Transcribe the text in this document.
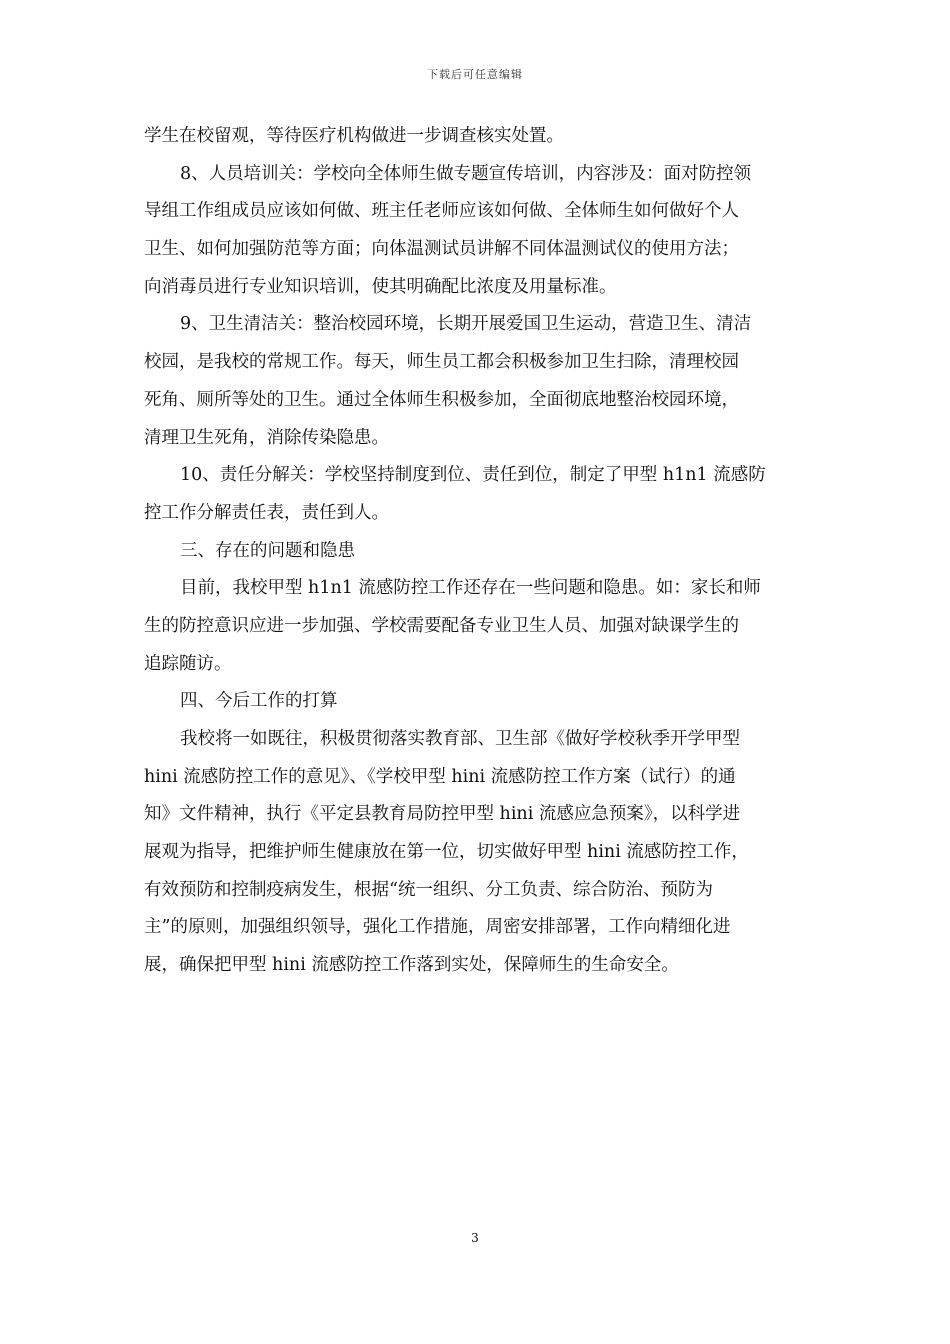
下载后可任意编辑
学生在校留观，等待医疗机构做进一步调查核实处置。
8、人员培训关：学校向全体师生做专题宣传培训，内容涉及：面对防控领
导组工作组成员应该如何做、班主任老师应该如何做、全体师生如何做好个人
卫生、如何加强防范等方面；向体温测试员讲解不同体温测试仪的使用方法；
向消毒员进行专业知识培训，使其明确配比浓度及用量标准。
9、卫生清洁关：整治校园环境，长期开展爱国卫生运动，营造卫生、清洁
校园，是我校的常规工作。每天，师生员工都会积极参加卫生扫除，清理校园
死角、厕所等处的卫生。通过全体师生积极参加，全面彻底地整治校园环境，
清理卫生死角，消除传染隐患。
10、责任分解关：学校坚持制度到位、责任到位，制定了甲型 h1n1 流感防
控工作分解责任表，责任到人。
三、存在的问题和隐患
目前，我校甲型 h1n1 流感防控工作还存在一些问题和隐患。如：家长和师
生的防控意识应进一步加强、学校需要配备专业卫生人员、加强对缺课学生的
追踪随访。
四、今后工作的打算
我校将一如既往，积极贯彻落实教育部、卫生部《做好学校秋季开学甲型
hini 流感防控工作的意见》、《学校甲型 hini 流感防控工作方案（试行）的通
知》文件精神，执行《平定县教育局防控甲型 hini 流感应急预案》，以科学进
展观为指导，把维护师生健康放在第一位，切实做好甲型 hini 流感防控工作，
有效预防和控制疫病发生，根据“统一组织、分工负责、综合防治、预防为
主”的原则，加强组织领导，强化工作措施，周密安排部署，工作向精细化进
展，确保把甲型 hini 流感防控工作落到实处，保障师生的生命安全。
3
